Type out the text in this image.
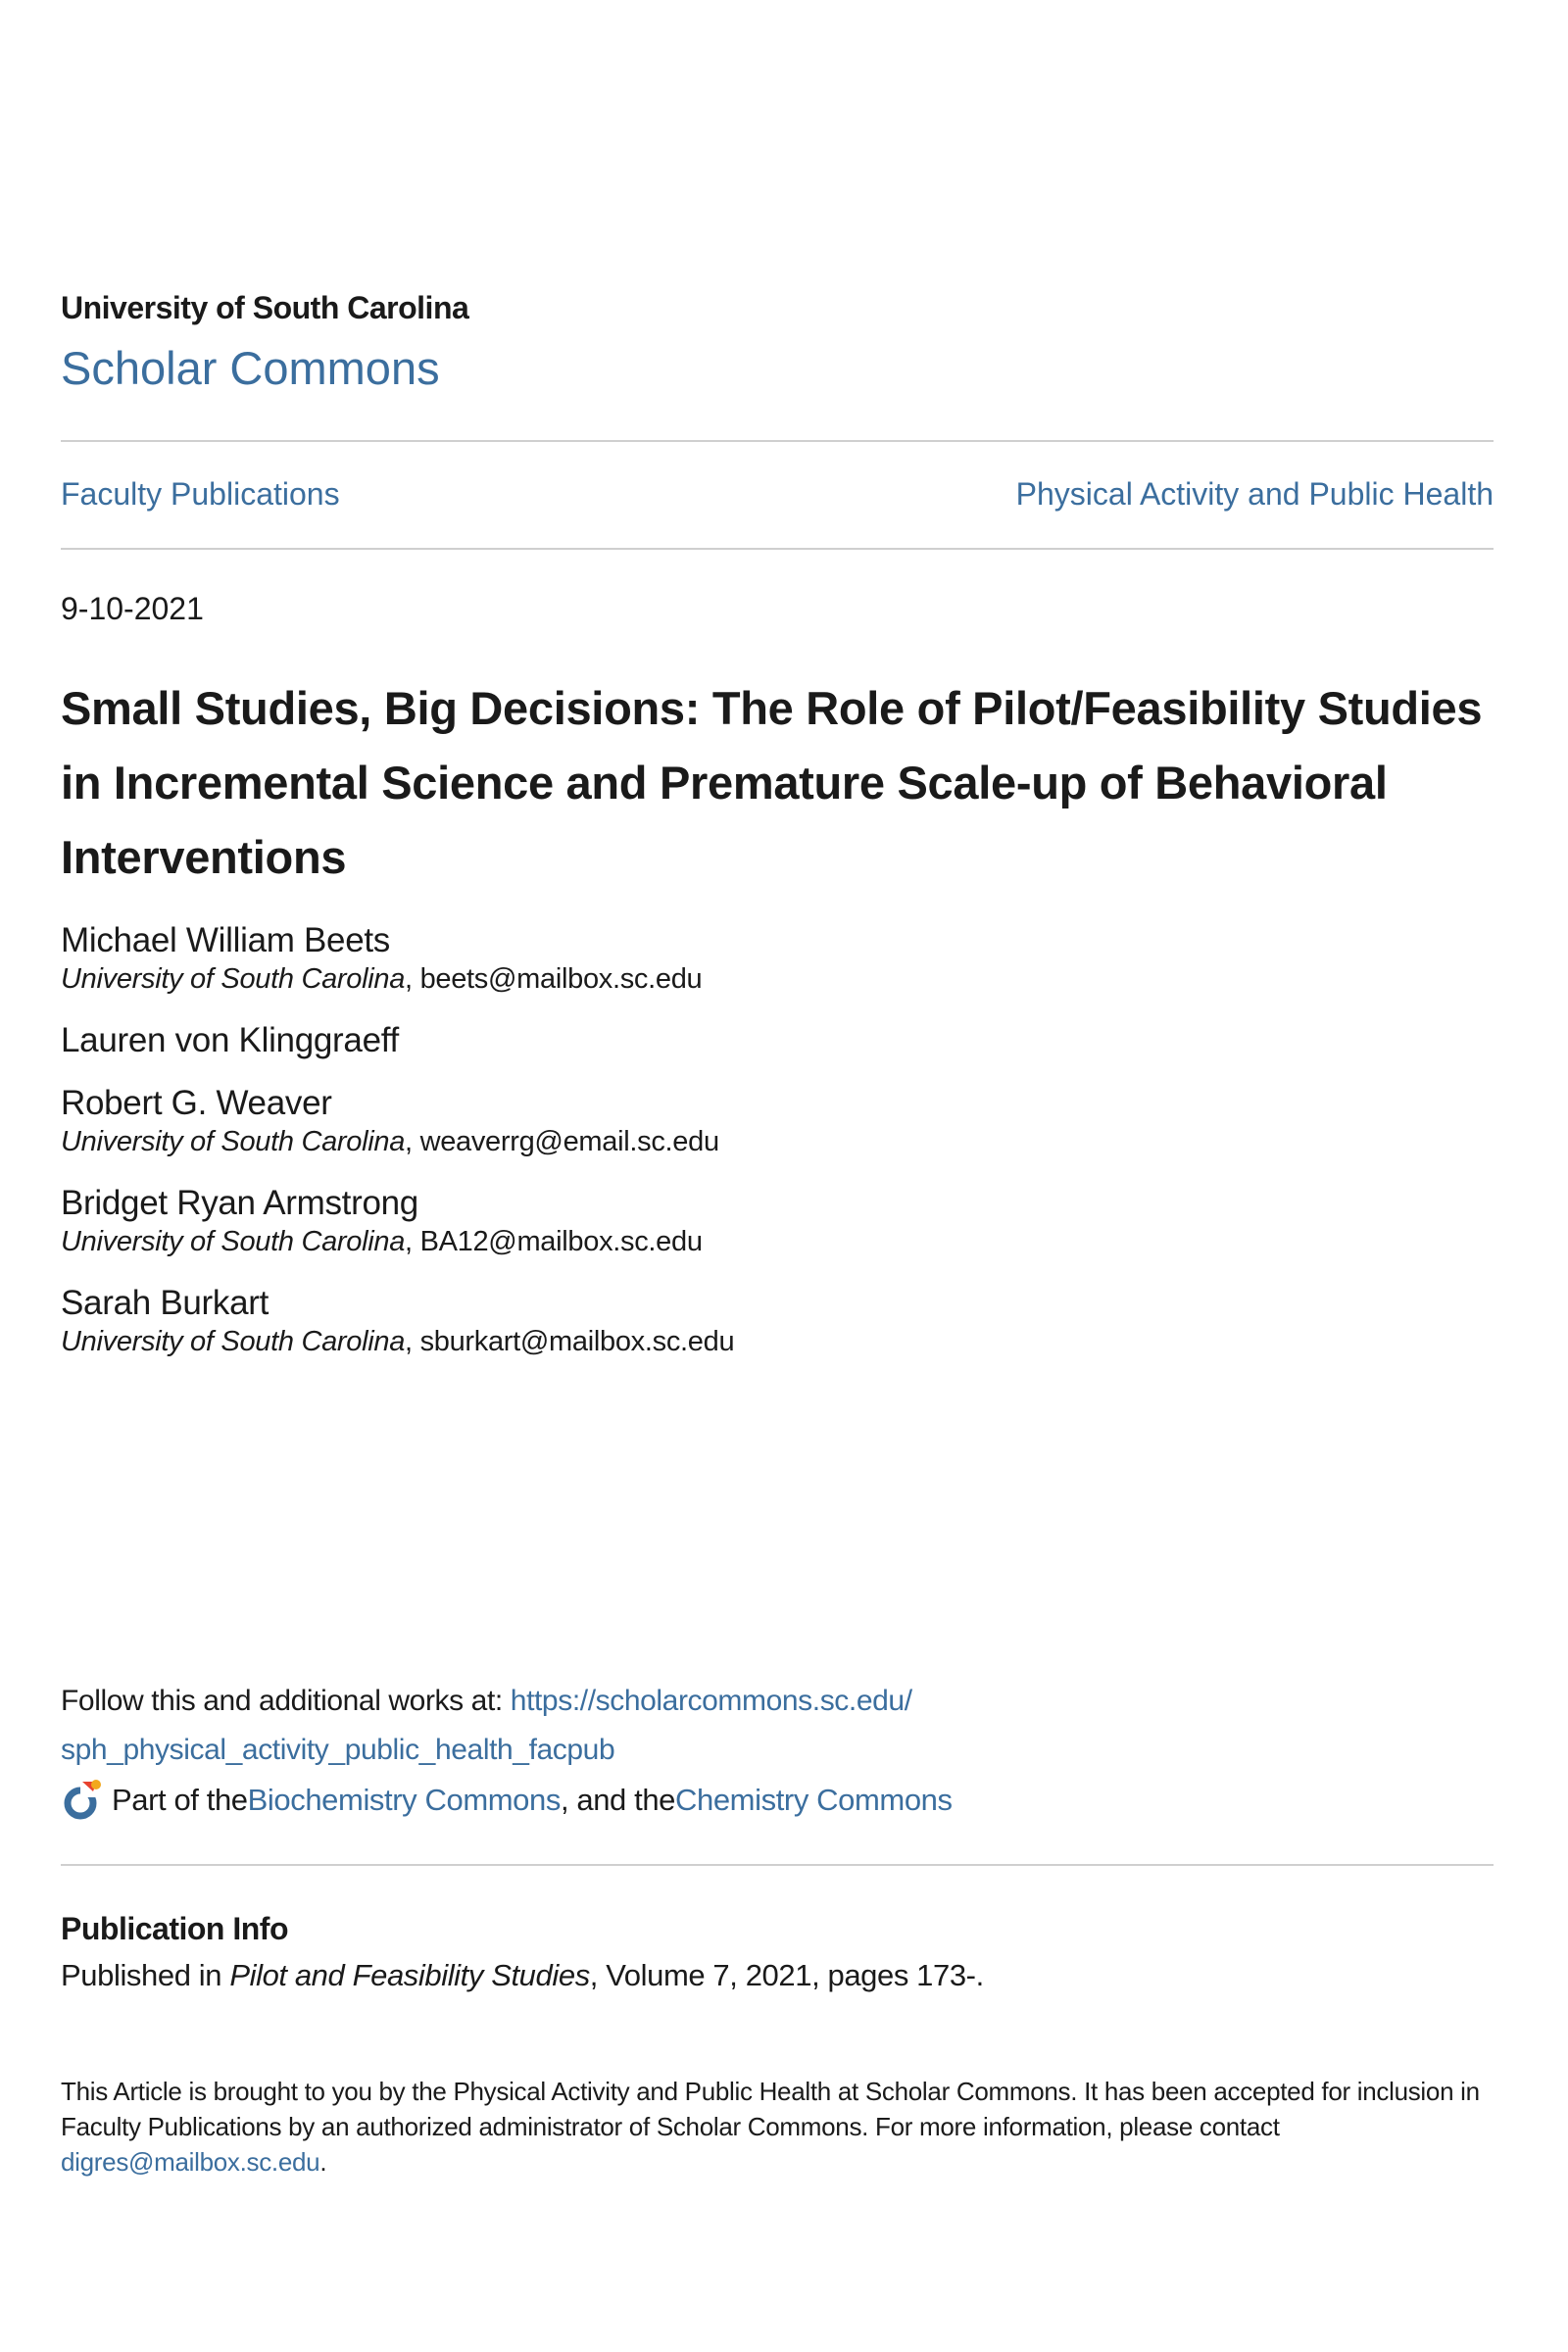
University of South Carolina
Scholar Commons
Faculty Publications	Physical Activity and Public Health
9-10-2021
Small Studies, Big Decisions: The Role of Pilot/Feasibility Studies in Incremental Science and Premature Scale-up of Behavioral Interventions
Michael William Beets
University of South Carolina, beets@mailbox.sc.edu
Lauren von Klinggraeff
Robert G. Weaver
University of South Carolina, weaverrg@email.sc.edu
Bridget Ryan Armstrong
University of South Carolina, BA12@mailbox.sc.edu
Sarah Burkart
University of South Carolina, sburkart@mailbox.sc.edu
Follow this and additional works at: https://scholarcommons.sc.edu/
sph_physical_activity_public_health_facpub
Part of the Biochemistry Commons , and the Chemistry Commons
Publication Info
Published in Pilot and Feasibility Studies, Volume 7, 2021, pages 173-.
This Article is brought to you by the Physical Activity and Public Health at Scholar Commons. It has been accepted for inclusion in Faculty Publications by an authorized administrator of Scholar Commons. For more information, please contact digres@mailbox.sc.edu.
